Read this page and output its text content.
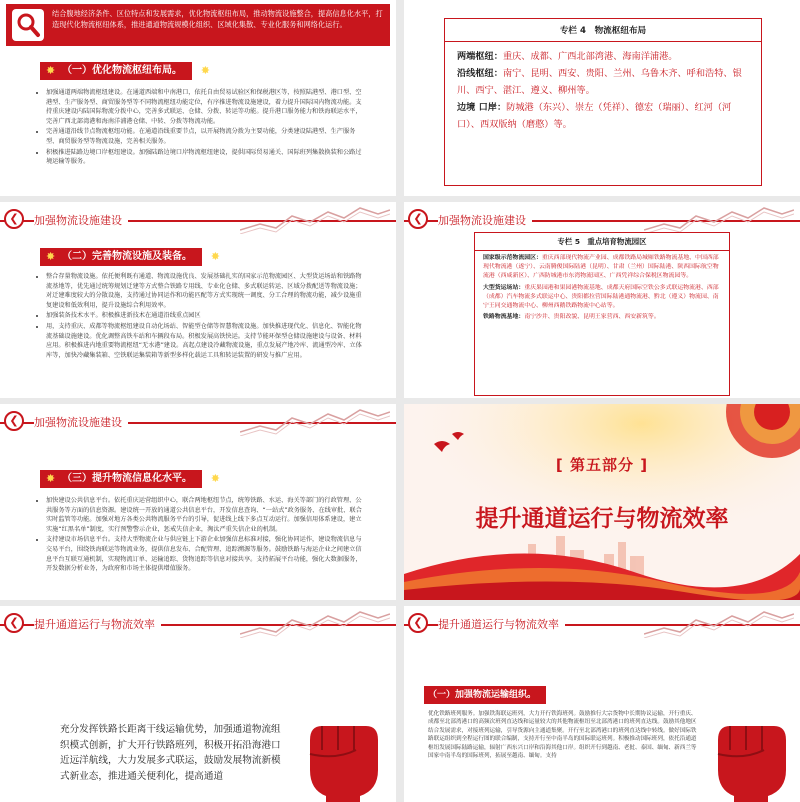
结合腹地经济条件、区位特点和发展需求，优化物流枢纽布局，推动物流设施整合，提高信息化水平，打造现代化物流枢纽体系，推进通道物流规模化组织、区域化集散、专业化服务和网络化运行。
✸ （一）优化物流枢纽布局。 ✸
• 加强通道两端物流枢纽建设。在通道西端和中南港口，依托自由贸易试验区和保税港区等，按照陆港型、港口型、空港型、生产服务型、商贸服务型等不同物流枢纽功能定位，有序推进物流设施建设，着力提升国际国内物流功能。支持重庆建设内陆国际物流分拨中心，完善多式联运、仓储、分拨、转运等功能。提升港口服务能力和铁海联运水平，完善广西北部湾港和海南洋浦港仓储、中转、分拨等物流功能。
• 完善通道沿线节点物流枢纽功能。在通道沿线重要节点，以开展物流分拨为主要功能，分类建设陆港型、生产服务型、商贸服务型等物流设施，完善相关服务。
• 积极推进陆路边境口岸枢纽建设。加强陆路边境口岸物流枢纽建设，提供国际贸易通关、国际班列集散换装和公路过境运输等服务。
专栏 4　物流枢纽布局
两端枢纽：重庆、成都、广西北部湾港、海南洋浦港。
沿线枢纽：南宁、昆明、西安、贵阳、兰州、乌鲁木齐、呼和浩特、银川、西宁、湛江、遵义、柳州等。
边境 口岸：防城港（东兴）、崇左（凭祥）、德宏（瑞丽）、红河（河口）、西双版纳（磨憨）等。
❮	加强物流设施建设
✸ （二）完善物流设施及装备。 ✸
• 整合存量物流设施。依托便利既有通道、物流设施优良、发展基础扎实的国家示范物流园区、大型货运场站和铁路物流基地等，优先通过统筹规划迁建等方式整合铁路专用线、专业化仓储、多式联运转运、区域分拨配送等物流设施；对迁建难度较大的分散设施，支持通过协同运作和功能匹配等方式实现统一调度、分工合理的物流功能，减少设施重复建设和低效利用，提升设施综合利用效率。
• 加强装备技术水平。积极推进新技术在通道沿线重点园区
• 用，支持重庆、成都等物流枢纽建设自动化场站、智能型仓储等智慧物流设施。加快推进现代化、信息化、智能化物流基础设施建设。优化调整高铁车站和车辆段布局。积极发展高铁快运。支持节能环保型仓储设施建设与设备、材料应用。积极推进内地重要物流枢纽“无水港”建设。高起点建设冷藏物流设施，重点发展产地冷库、流通型冷库、立体库等，加快冷藏集装箱、空铁联运集装箱等新型多样化载运工具和转运装置的研发与推广应用。
❮	加强物流设施建设
专栏 5　重点培育物流园区
国家级示范物流园区：重庆西部现代物流产业园、成都铁路局城厢铁路物流基地、中国西部现代物流港（遂宁）、云南腾俊国际陆港（昆明）、甘肃（兰州）国际陆港、陕西国际航空物流港（西咸新区）、广西防城港市东湾物流园区、广西凭祥综合保税区物流园等。
大型货运场站：重庆果园港和果园港物流基地、成都天府国际空铁公多式联运物流港、西部（成都）汽车物流多式联运中心、贵阳都拉营国际陆港通物流港、黔北（遵义）物流园、南宁王同交通物流中心、柳州西鹅铁路物流中心站等。
铁路物流基地：南宁沙井、贵阳改貌、昆明王家营西、西安新筑等。
❮	加强物流设施建设
✸ （三）提升物流信息化水平。 ✸
• 加快建设公共信息平台。依托重庆运营组织中心，联合两地枢纽节点，统筹铁路、水运、海关等部门的行政管理、公共服务等方面的信息资源。建设统一开放的通道公共信息平台，开发信息查询、“一站式”政务服务、在线审批、联合实时监管等功能。加强对地方各类公共物流服务平台的引导，促进线上线下多点互动运行。加强信用体系建设，建立实施“红黑名单”制度，实行预警警示企业，惩戒失信企业，淘汰严重失信企业的机制。
• 支持建设市场信息平台。支持大型物流企业与供应链上下游企业加强信息标准对接，强化协同运作，建设物流信息与交易平台，围绕铁海联运等物流业务，提供信息发布、合配管理、追踪溯源等服务。鼓励铁路与海运企业之间建立信息平台互联互通机制，实现物流订单、运输追踪、货物追踪等信息对接共享。支持拓展平台功能，强化大数据服务，开发数据分析业务，为政府和市场主体提供增值服务。
[ 第五部分 ]
提升通道运行与物流效率
❮	提升通道运行与物流效率
充分发挥铁路长距离干线运输优势，加强通道物流组织模式创新，扩大开行铁路班列，积极开拓沿海港口近远洋航线，大力发展多式联运，鼓励发展物流新模式新业态，推进通关便利化，提高通道
❮	提升通道运行与物流效率
（一）加强物流运输组织。
优化铁路班列服务。加强铁海联运班列，大力开行铁海班列。鼓励推行大宗货物中长期协议运输，开行重庆、成都至北部湾港口的高频次班列直达线和运量较大的其他物流枢纽至北部湾港口的班列直达线。鼓励其他地区结合发展需求，对接班列运输，引导货源向主通道集聚。开行至北部湾港口的班列直达线中转线。做好国际铁路联运组织到全程运行图的联合编制，支持开行至中南半岛的国际联运班列。积极推动国际班列，依托沿通道枢纽发展国际陆路运输，辐射广西东兴口岸和沿海其他口岸。组织开行到越南、老挝、泰国、缅甸、新西兰等国家中南半岛的国际班列，拓展至越南、缅甸。支持
